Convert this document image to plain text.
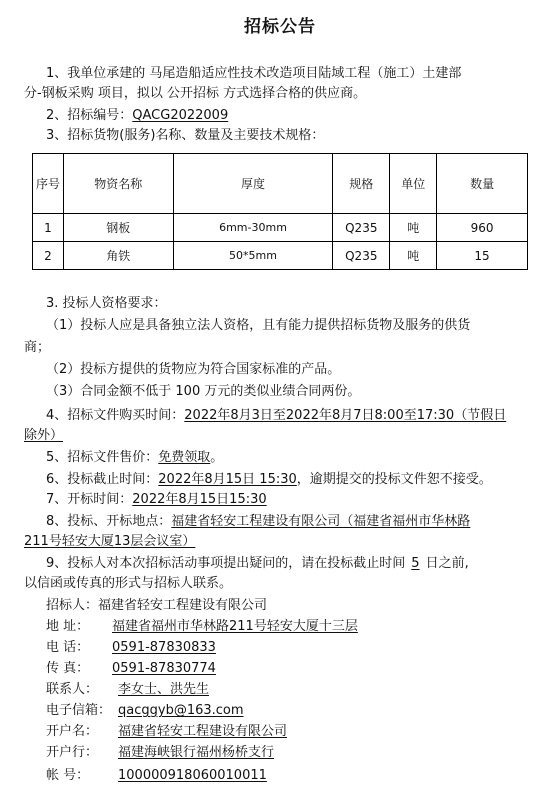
招标公告
1、我单位承建的 马尾造船适应性技术改造项目陆域工程（施工）土建部
分-钢板采购 项目，拟以 公开招标 方式选择合格的供应商。
2、招标编号：QACG2022009
3、招标货物(服务)名称、数量及主要技术规格：
序号	物资名称	厚度	规格	单位	数量
1	钢板	6mm-30mm	Q235	吨	960
2	角铁	50*5mm	Q235	吨	15
3. 投标人资格要求：
（1）投标人应是具备独立法人资格，且有能力提供招标货物及服务的供货
商；
（2）投标方提供的货物应为符合国家标准的产品。
（3）合同金额不低于 100 万元的类似业绩合同两份。
4、招标文件购买时间：2022年8月3日至2022年8月7日8:00至17:30（节假日
除外）
5、招标文件售价：免费领取。
6、投标截止时间：2022年8月15日 15:30，逾期提交的投标文件恕不接受。
7、开标时间：2022年8月15日15:30
8、投标、开标地点：福建省轻安工程建设有限公司（福建省福州市华林路
211号轻安大厦13层会议室）
9、投标人对本次招标活动事项提出疑问的，请在投标截止时间 5 日之前,
以信函或传真的形式与招标人联系。
招标人：福建省轻安工程建设有限公司
地 址： 福建省福州市华林路211号轻安大厦十三层
电 话： 0591-87830833
传 真： 0591-87830774
联系人： 李女士、洪先生
电子信箱： qacggyb@163.com
开户名： 福建省轻安工程建设有限公司
开户行： 福建海峡银行福州杨桥支行
帐 号： 100000918060010011
